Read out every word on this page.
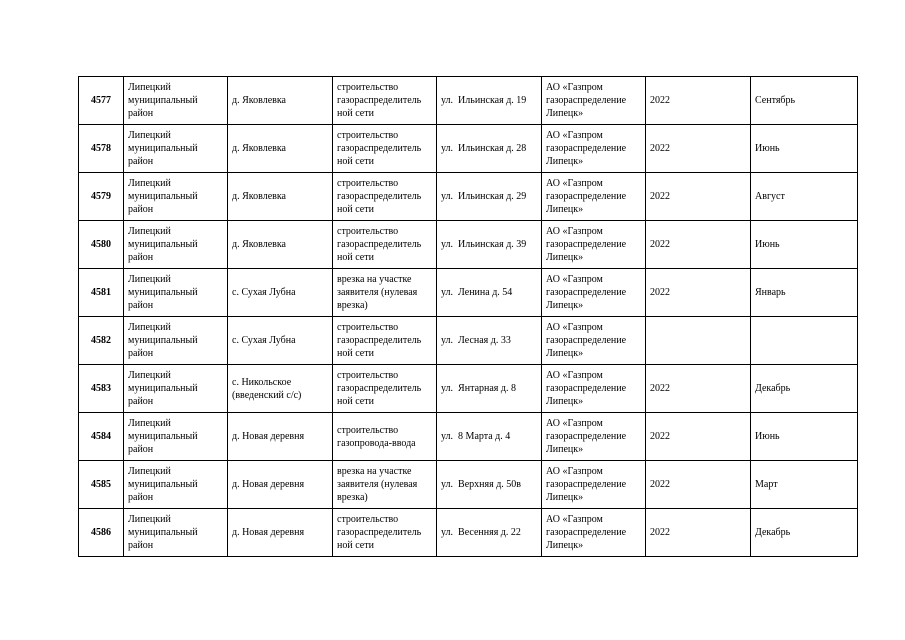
4577	Липецкий муниципальный район	д. Яковлевка	строительство газораспределитель ной сети	ул.  Ильинская д. 19	АО «Газпром газораспределение Липецк»	2022	Сентябрь
4578	Липецкий муниципальный район	д. Яковлевка	строительство газораспределитель ной сети	ул.  Ильинская д. 28	АО «Газпром газораспределение Липецк»	2022	Июнь
4579	Липецкий муниципальный район	д. Яковлевка	строительство газораспределитель ной сети	ул.  Ильинская д. 29	АО «Газпром газораспределение Липецк»	2022	Август
4580	Липецкий муниципальный район	д. Яковлевка	строительство газораспределитель ной сети	ул.  Ильинская д. 39	АО «Газпром газораспределение Липецк»	2022	Июнь
4581	Липецкий муниципальный район	с. Сухая Лубна	врезка на участке заявителя (нулевая врезка)	ул.  Ленина д. 54	АО «Газпром газораспределение Липецк»	2022	Январь
4582	Липецкий муниципальный район	с. Сухая Лубна	строительство газораспределитель ной сети	ул.  Лесная д. 33	АО «Газпром газораспределение Липецк»		
4583	Липецкий муниципальный район	с. Никольское (введенский с/с)	строительство газораспределитель ной сети	ул.  Янтарная д. 8	АО «Газпром газораспределение Липецк»	2022	Декабрь
4584	Липецкий муниципальный район	д. Новая деревня	строительство газопровода-ввода	ул.  8 Марта д. 4	АО «Газпром газораспределение Липецк»	2022	Июнь
4585	Липецкий муниципальный район	д. Новая деревня	врезка на участке заявителя (нулевая врезка)	ул.  Верхняя д. 50в	АО «Газпром газораспределение Липецк»	2022	Март
4586	Липецкий муниципальный район	д. Новая деревня	строительство газораспределитель ной сети	ул.  Весенняя д. 22	АО «Газпром газораспределение Липецк»	2022	Декабрь
